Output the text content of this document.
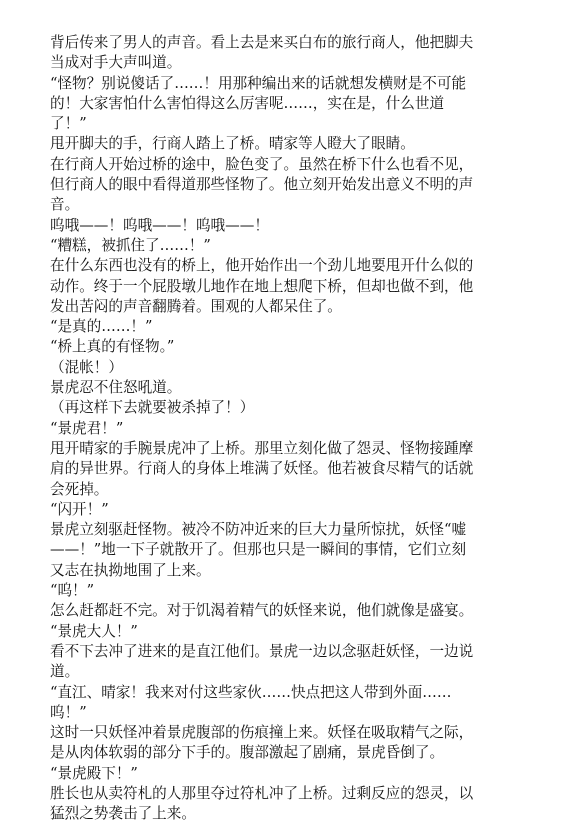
背后传来了男人的声音。看上去是来买白布的旅行商人，他把脚夫
当成对手大声叫道。
“怪物？别说傻话了……！用那种编出来的话就想发横财是不可能
的！大家害怕什么害怕得这么厉害呢……，实在是，什么世道
了！”
甩开脚夫的手，行商人踏上了桥。晴家等人瞪大了眼睛。
在行商人开始过桥的途中，脸色变了。虽然在桥下什么也看不见，
但行商人的眼中看得道那些怪物了。他立刻开始发出意义不明的声
音。
呜哦——！呜哦——！呜哦——！
“糟糕，被抓住了……！”
在什么东西也没有的桥上，他开始作出一个劲儿地要甩开什么似的
动作。终于一个屁股墩儿地作在地上想爬下桥，但却也做不到，他
发出苦闷的声音翻腾着。围观的人都呆住了。
“是真的……！”
“桥上真的有怪物。”
（混帐！）
景虎忍不住怒吼道。
（再这样下去就要被杀掉了！）
“景虎君！”
甩开晴家的手腕景虎冲了上桥。那里立刻化做了怨灵、怪物接踵摩
肩的异世界。行商人的身体上堆满了妖怪。他若被食尽精气的话就
会死掉。
“闪开！”
景虎立刻驱赶怪物。被冷不防冲近来的巨大力量所惊扰，妖怪“嘘
——！”地一下子就散开了。但那也只是一瞬间的事情，它们立刻
又志在执拗地围了上来。
“呜！”
怎么赶都赶不完。对于饥渴着精气的妖怪来说，他们就像是盛宴。
“景虎大人！”
看不下去冲了进来的是直江他们。景虎一边以念驱赶妖怪，一边说
道。
“直江、晴家！我来对付这些家伙……快点把这人带到外面……
呜！”
这时一只妖怪冲着景虎腹部的伤痕撞上来。妖怪在吸取精气之际，
是从肉体软弱的部分下手的。腹部激起了剧痛，景虎昏倒了。
“景虎殿下！”
胜长也从卖符札的人那里夺过符札冲了上桥。过剩反应的怨灵，以
猛烈之势袭击了上来。
